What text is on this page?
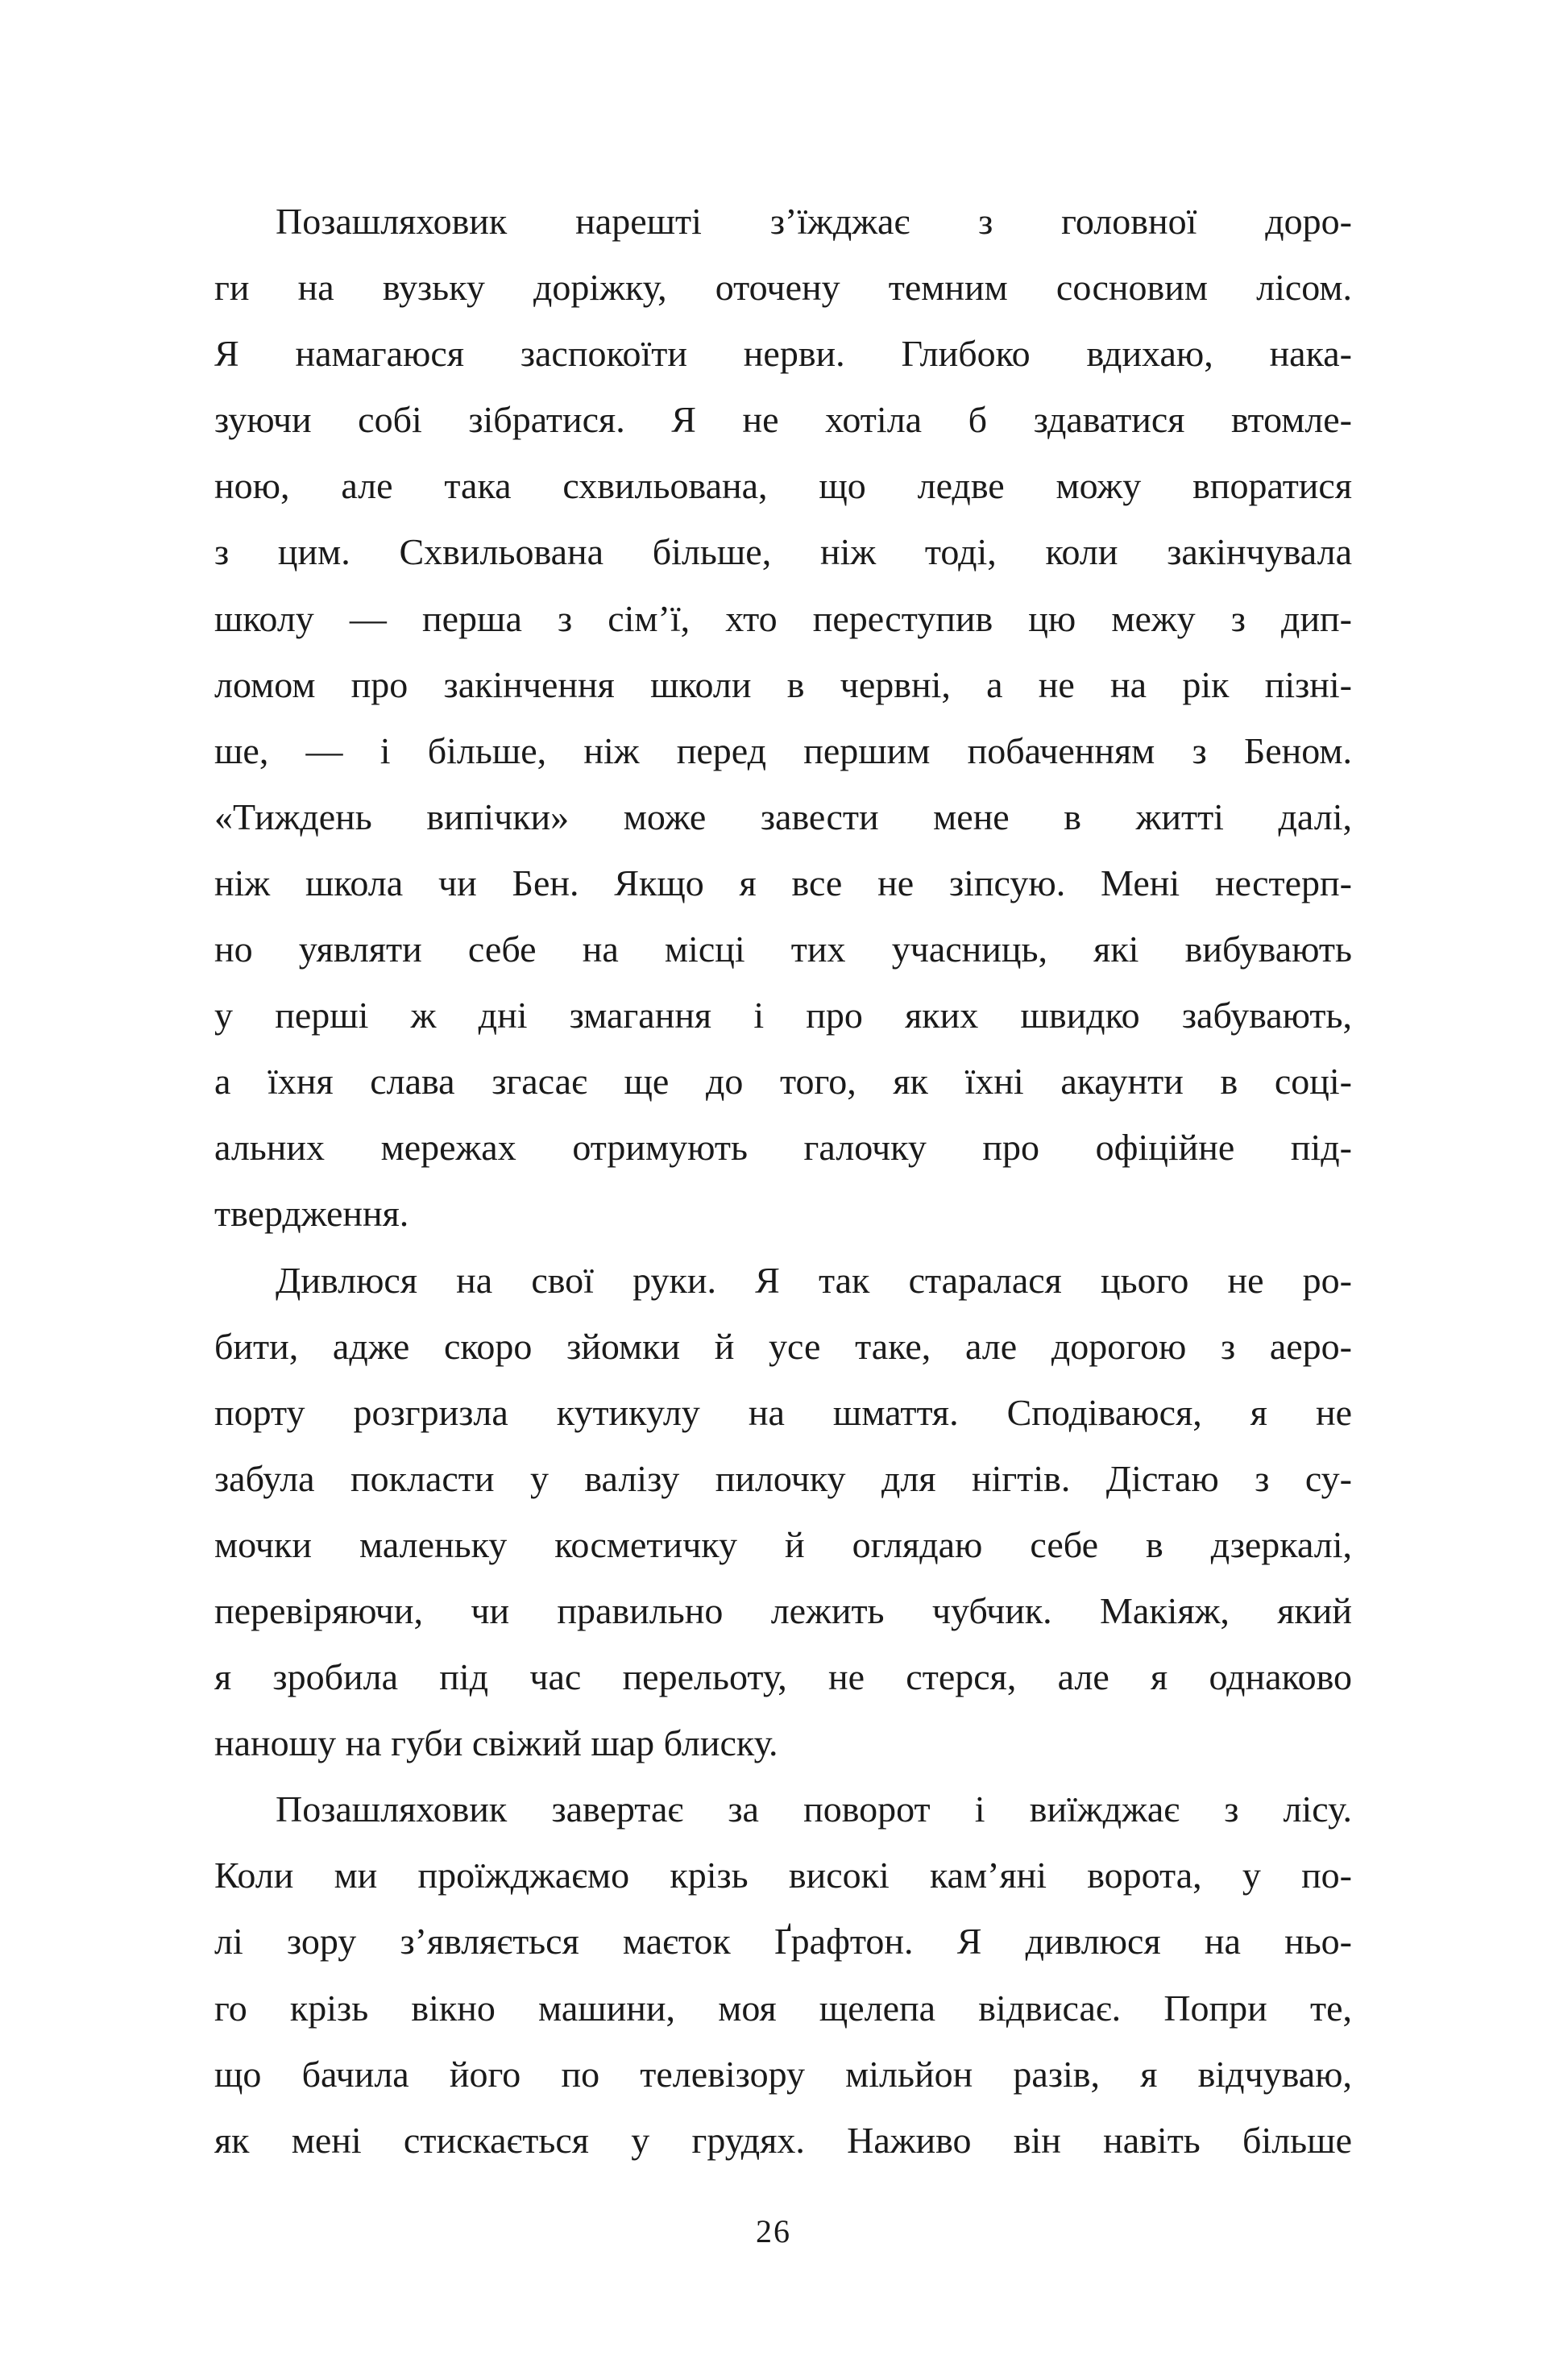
Позашляховик нарешті з’їжджає з головної доро-
ги на вузьку доріжку, оточену темним сосновим лісом.
Я намагаюся заспокоїти нерви. Глибоко вдихаю, нака-
зуючи собі зібратися. Я не хотіла б здаватися втомле-
ною, але така схвильована, що ледве можу впоратися
з цим. Схвильована більше, ніж тоді, коли закінчувала
школу — перша з сім’ї, хто переступив цю межу з дип-
ломом про закінчення школи в червні, а не на рік пізні-
ше, — і більше, ніж перед першим побаченням з Беном.
«Тиждень випічки» може завести мене в житті далі,
ніж школа чи Бен. Якщо я все не зіпсую. Мені нестерп-
но уявляти себе на місці тих учасниць, які вибувають
у перші ж дні змагання і про яких швидко забувають,
а їхня слава згасає ще до того, як їхні акаунти в соці-
альних мережах отримують галочку про офіційне під-
твердження.
Дивлюся на свої руки. Я так старалася цього не ро-
бити, адже скоро зйомки й усе таке, але дорогою з аеро-
порту розгризла кутикулу на шмаття. Сподіваюся, я не
забула покласти у валізу пилочку для нігтів. Дістаю з су-
мочки маленьку косметичку й оглядаю себе в дзеркалі,
перевіряючи, чи правильно лежить чубчик. Макіяж, який
я зробила під час перельоту, не стерся, але я однаково
наношу на губи свіжий шар блиску.
Позашляховик завертає за поворот і виїжджає з лісу.
Коли ми проїжджаємо крізь високі кам’яні ворота, у по-
лі зору з’являється маєток Ґрафтон. Я дивлюся на ньо-
го крізь вікно машини, моя щелепа відвисає. Попри те,
що бачила його по телевізору мільйон разів, я відчуваю,
як мені стискається у грудях. Наживо він навіть більше
26
